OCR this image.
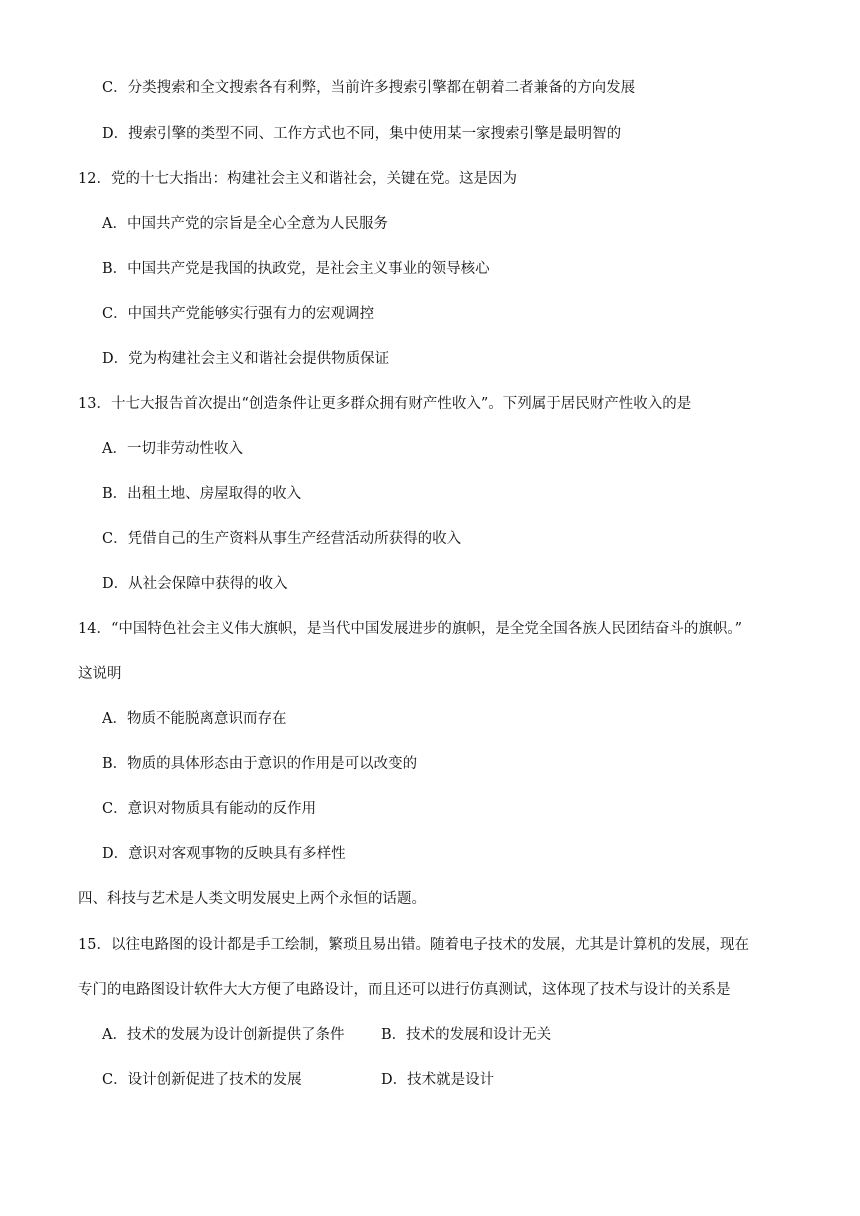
C．分类搜索和全文搜索各有利弊，当前许多搜索引擎都在朝着二者兼备的方向发展
D．搜索引擎的类型不同、工作方式也不同，集中使用某一家搜索引擎是最明智的
12．党的十七大指出：构建社会主义和谐社会，关键在党。这是因为
A．中国共产党的宗旨是全心全意为人民服务
B．中国共产党是我国的执政党，是社会主义事业的领导核心
C．中国共产党能够实行强有力的宏观调控
D．党为构建社会主义和谐社会提供物质保证
13．十七大报告首次提出“创造条件让更多群众拥有财产性收入”。下列属于居民财产性收入的是
A．一切非劳动性收入
B．出租土地、房屋取得的收入
C．凭借自己的生产资料从事生产经营活动所获得的收入
D．从社会保障中获得的收入
14．“中国特色社会主义伟大旗帜，是当代中国发展进步的旗帜，是全党全国各族人民团结奋斗的旗帜。”
这说明
A．物质不能脱离意识而存在
B．物质的具体形态由于意识的作用是可以改变的
C．意识对物质具有能动的反作用
D．意识对客观事物的反映具有多样性
四、科技与艺术是人类文明发展史上两个永恒的话题。
15．以往电路图的设计都是手工绘制，繁琐且易出错。随着电子技术的发展，尤其是计算机的发展，现在
专门的电路图设计软件大大方便了电路设计，而且还可以进行仿真测试，这体现了技术与设计的关系是
A．技术的发展为设计创新提供了条件	B．技术的发展和设计无关
C．设计创新促进了技术的发展	D．技术就是设计
